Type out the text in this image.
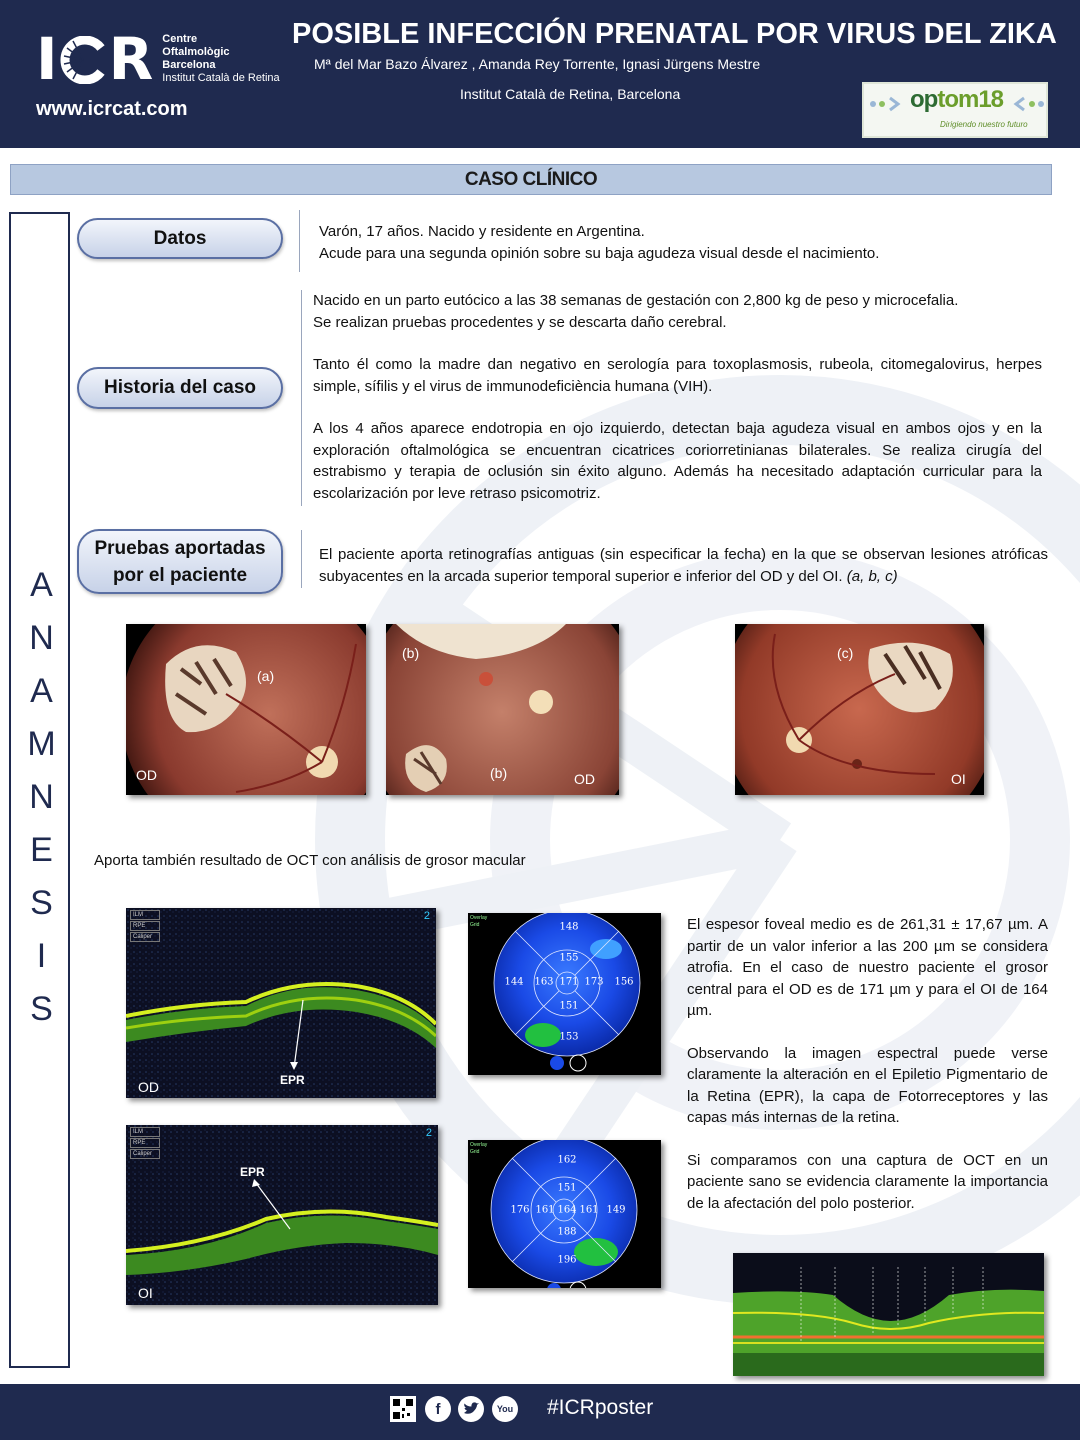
I R Centre
Oftalmològic
Barcelona
Institut Català de Retina
www.icrcat.com
POSIBLE INFECCIÓN PRENATAL POR VIRUS DEL ZIKA
Mª del Mar Bazo Álvarez , Amanda Rey Torrente, Ignasi Jürgens Mestre
Institut Català de Retina, Barcelona	optom18
Dirigiendo nuestro futuro
CASO CLÍNICO
A
N
A
M
N
E
S
I
S
Datos	Varón, 17 años. Nacido y residente en Argentina.
Acude para una segunda opinión sobre su baja agudeza visual desde el nacimiento.
Historia del caso
Nacido en un parto eutócico a las 38 semanas de gestación con 2,800 kg de peso y microcefalia.
Se realizan pruebas procedentes y se descarta daño cerebral.
Tanto él como la madre dan negativo en serología para toxoplasmosis, rubeola, citomegalovirus, herpes simple, sífilis y el virus de immunodeficiència humana (VIH).
A los 4 años aparece endotropia en ojo izquierdo, detectan baja agudeza visual en ambos ojos y en la exploración oftalmológica se encuentran cicatrices coriorretinianas bilaterales. Se realiza cirugía del estrabismo y terapia de oclusión sin éxito alguno. Además ha necesitado adaptación curricular para la escolarización por leve retraso psicomotriz.
Pruebas aportadas
por el paciente
El paciente aporta retinografías antiguas (sin especificar la fecha) en la que se observan lesiones atróficas subyacentes en la arcada superior temporal superior e inferior del OD y del OI. (a, b, c)
(a)
OD
(b)
(b)	OD
(c)
OI
Aporta también resultado de OCT con análisis de grosor macular
ILM
RPE
Caliper
2
EPR
OD
ILM
RPE
Caliper
2
EPR
OI
Overlay
Grid	148
155
144 163 171 173 156
151
153
Overlay
Grid
162
151
176 161 164 161 149
188
196
El espesor foveal medio es de 261,31 ± 17,67 µm. A partir de un valor inferior a las 200 µm se considera atrofia. En el caso de nuestro paciente el grosor central para el OD es de 171 µm y para el OI de 164 µm.
Observando la imagen espectral puede verse claramente la alteración en el Epiletio Pigmentario de la Retina (EPR), la capa de Fotorreceptores y las capas más internas de la retina.
Si comparamos con una captura de OCT en un paciente sano se evidencia claramente la importancia de la afectación del polo posterior.
f	You #ICRposter
